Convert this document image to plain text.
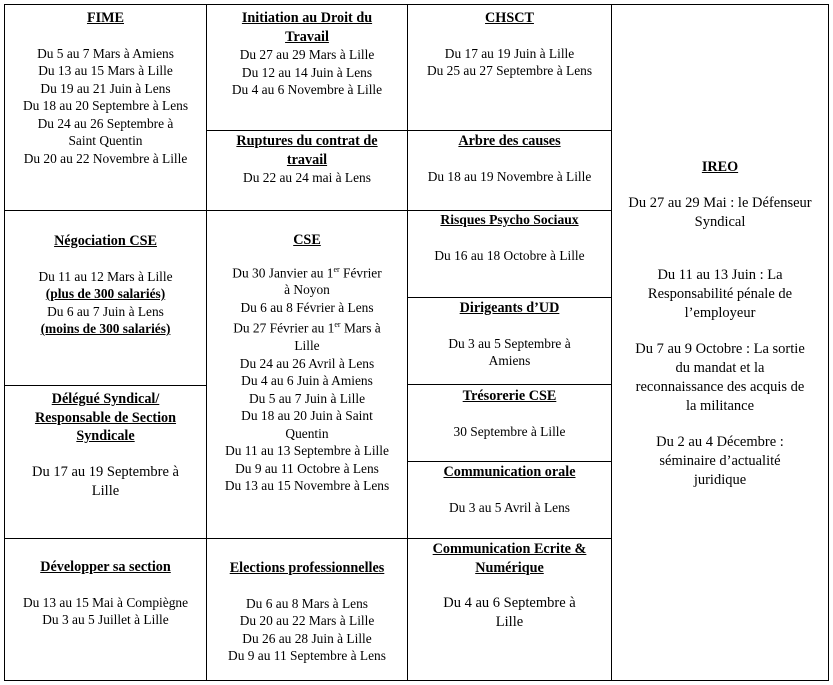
FIME
Du 5 au 7 Mars à Amiens
Du 13 au 15 Mars à Lille
Du 19 au 21 Juin à Lens
Du 18 au 20 Septembre à Lens
Du 24 au 26 Septembre à
Saint Quentin
Du 20 au 22 Novembre à Lille
Négociation CSE
Du 11 au 12 Mars à Lille
(plus de 300 salariés)
Du 6 au 7 Juin à Lens
(moins de 300 salariés)
Délégué Syndical/
Responsable de Section
Syndicale
Du 17 au 19 Septembre à
Lille
Développer sa section
Du 13 au 15 Mai à Compiègne
Du 3 au 5 Juillet à Lille
Initiation au Droit du
Travail
Du 27 au 29 Mars à Lille
Du 12 au 14 Juin à Lens
Du 4 au 6 Novembre à Lille
Ruptures du contrat de
travail
Du 22 au 24 mai à Lens
CSE
Du 30 Janvier au 1er Février
à Noyon
Du 6 au 8 Février à Lens
Du 27 Février au 1er Mars à
Lille
Du 24 au 26 Avril à Lens
Du 4 au 6 Juin à Amiens
Du 5 au 7 Juin à Lille
Du 18 au 20 Juin à Saint
Quentin
Du 11 au 13 Septembre à Lille
Du 9 au 11 Octobre à Lens
Du 13 au 15 Novembre à Lens
Elections professionnelles
Du 6 au 8 Mars à Lens
Du 20 au 22 Mars à Lille
Du 26 au 28 Juin à Lille
Du 9 au 11 Septembre à Lens
CHSCT
Du 17 au 19 Juin à Lille
Du 25 au 27 Septembre à Lens
Arbre des causes
Du 18 au 19 Novembre à Lille
Risques Psycho Sociaux
Du 16 au 18 Octobre à Lille
Dirigeants d’UD
Du 3 au 5 Septembre à
Amiens
Trésorerie CSE
30 Septembre à Lille
Communication orale
Du 3 au 5 Avril à Lens
Communication Ecrite &
Numérique
Du 4 au 6 Septembre à
Lille
IREO
Du 27 au 29 Mai : le Défenseur
Syndical
Du 11 au 13 Juin : La
Responsabilité pénale de
l’employeur
Du 7 au 9 Octobre : La sortie
du mandat et la
reconnaissance des acquis de
la militance
Du 2 au 4 Décembre :
séminaire d’actualité
juridique
